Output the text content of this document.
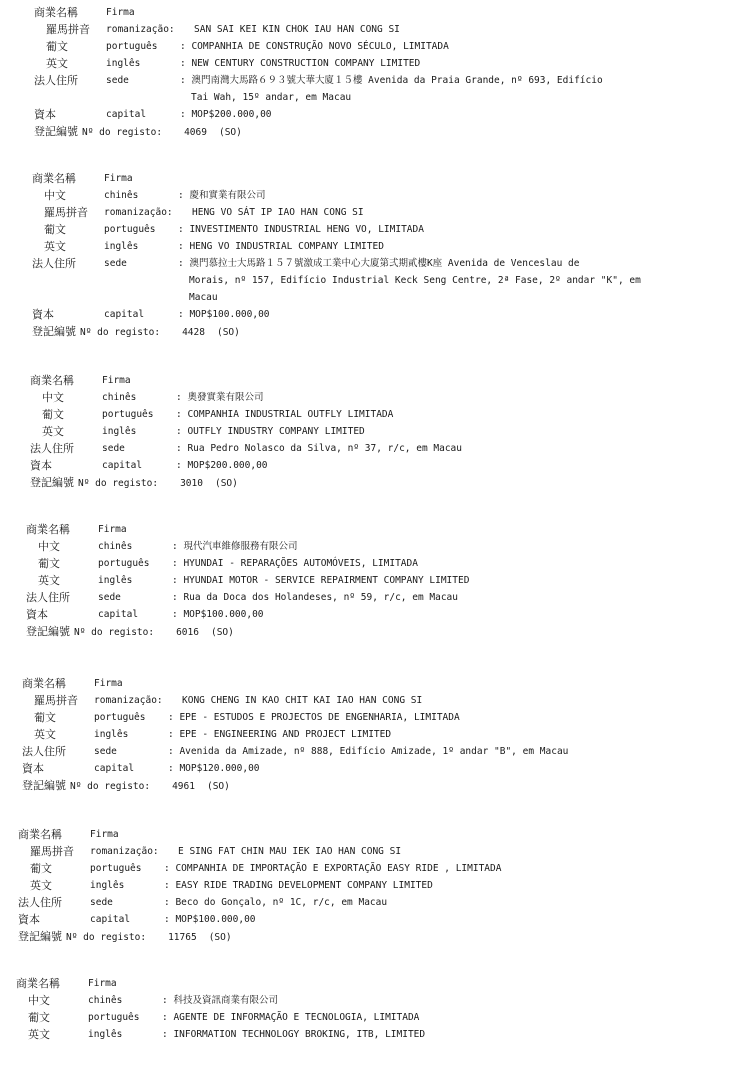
商業名稱	Firma
羅馬拼音 romanização: SAN SAI KEI KIN CHOK IAU HAN CONG SI
葡文	português : COMPANHIA DE CONSTRUÇÃO NOVO SÉCULO, LIMITADA
英文	inglês	: NEW CENTURY CONSTRUCTION COMPANY LIMITED
法人住所	sede	: 澳門南灣大馬路６９３號大華大廈１５樓 Avenida da Praia Grande, nº 693, Edifício
Tai Wah, 15º andar, em Macau
資本	capital	: MOP$200.000,00
登記編號 Nº do registo: 4069 (SO)
商業名稱	Firma
中文	chinês	: 慶和實業有限公司
羅馬拼音 romanização: HENG VO SÁT IP IAO HAN CONG SI
葡文	português : INVESTIMENTO INDUSTRIAL HENG VO, LIMITADA
英文	inglês	: HENG VO INDUSTRIAL COMPANY LIMITED
法人住所	sede	: 澳門慕拉士大馬路１５７號激成工業中心大廈第弍期貳樓K座 Avenida de Venceslau de
Morais, nº 157, Edifício Industrial Keck Seng Centre, 2ª Fase, 2º andar "K", em
Macau
資本	capital	: MOP$100.000,00
登記編號 Nº do registo: 4428 (SO)
商業名稱	Firma
中文	chinês	: 奧發實業有限公司
葡文	português : COMPANHIA INDUSTRIAL OUTFLY LIMITADA
英文	inglês	: OUTFLY INDUSTRY COMPANY LIMITED
法人住所	sede	: Rua Pedro Nolasco da Silva, nº 37, r/c, em Macau
資本	capital	: MOP$200.000,00
登記編號 Nº do registo: 3010 (SO)
商業名稱	Firma
中文	chinês	: 現代汽車維修服務有限公司
葡文	português : HYUNDAI - REPARAÇÕES AUTOMÓVEIS, LIMITADA
英文	inglês	: HYUNDAI MOTOR - SERVICE REPAIRMENT COMPANY LIMITED
法人住所	sede	: Rua da Doca dos Holandeses, nº 59, r/c, em Macau
資本	capital	: MOP$100.000,00
登記編號 Nº do registo: 6016 (SO)
商業名稱	Firma
羅馬拼音 romanização: KONG CHENG IN KAO CHIT KAI IAO HAN CONG SI
葡文	português : EPE - ESTUDOS E PROJECTOS DE ENGENHARIA, LIMITADA
英文	inglês	: EPE - ENGINEERING AND PROJECT LIMITED
法人住所	sede	: Avenida da Amizade, nº 888, Edifício Amizade, 1º andar "B", em Macau
資本	capital	: MOP$120.000,00
登記編號 Nº do registo: 4961 (SO)
商業名稱	Firma
羅馬拼音 romanização: E SING FAT CHIN MAU IEK IAO HAN CONG SI
葡文	português : COMPANHIA DE IMPORTAÇÃO E EXPORTAÇÃO EASY RIDE , LIMITADA
英文	inglês	: EASY RIDE TRADING DEVELOPMENT COMPANY LIMITED
法人住所	sede	: Beco do Gonçalo, nº 1C, r/c, em Macau
資本	capital	: MOP$100.000,00
登記編號 Nº do registo: 11765 (SO)
商業名稱	Firma
中文	chinês	: 科技及資訊商業有限公司
葡文	português : AGENTE DE INFORMAÇÃO E TECNOLOGIA, LIMITADA
英文	inglês	: INFORMATION TECHNOLOGY BROKING, ITB, LIMITED
